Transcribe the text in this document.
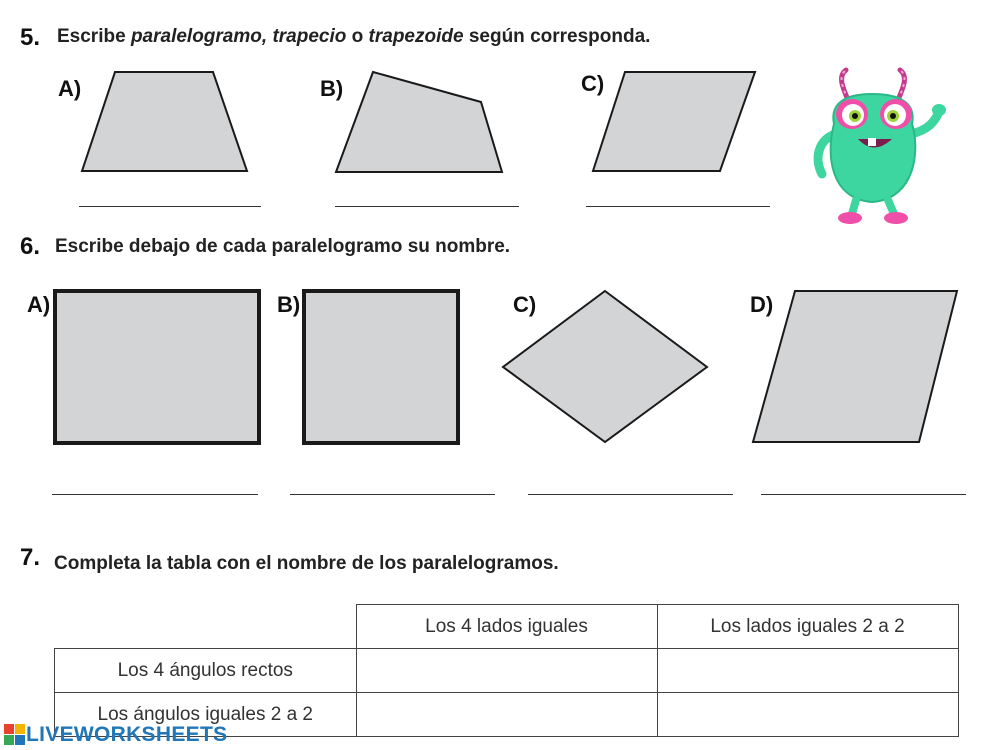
5. Escribe paralelogramo, trapecio o trapezoide según corresponda.
A)	B)	C)
6. Escribe debajo de cada paralelogramo su nombre.
A)	B)	C)	D)
7. Completa la tabla con el nombre de los paralelogramos.
	Los 4 lados iguales	Los lados iguales 2 a 2
Los 4 ángulos rectos		
Los ángulos iguales 2 a 2		
LIVEWORKSHEETS
